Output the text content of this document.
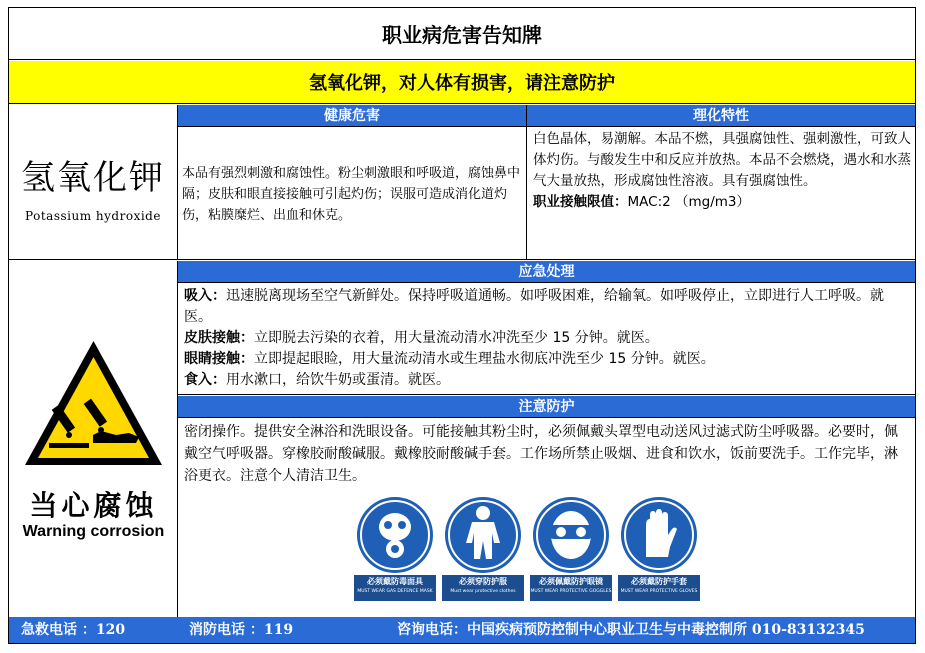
职业病危害告知牌
氢氧化钾，对人体有损害，请注意防护
氢氧化钾
Potassium hydroxide
健康危害
本品有强烈刺激和腐蚀性。粉尘刺激眼和呼吸道，腐蚀鼻中隔；皮肤和眼直接接触可引起灼伤；误服可造成消化道灼伤，粘膜糜烂、出血和休克。
理化特性
白色晶体，易潮解。本品不燃，具强腐蚀性、强刺激性，可致人体灼伤。与酸发生中和反应并放热。本品不会燃烧，遇水和水蒸气大量放热，形成腐蚀性溶液。具有强腐蚀性。
职业接触限值：MAC:2 （mg/m3）
当心腐蚀
Warning corrosion
应急处理
吸入：迅速脱离现场至空气新鲜处。保持呼吸道通畅。如呼吸困难，给输氧。如呼吸停止，立即进行人工呼吸。就医。
皮肤接触：立即脱去污染的衣着，用大量流动清水冲洗至少 15 分钟。就医。
眼睛接触：立即提起眼睑，用大量流动清水或生理盐水彻底冲洗至少 15 分钟。就医。
食入：用水漱口，给饮牛奶或蛋清。就医。
注意防护
密闭操作。提供安全淋浴和洗眼设备。可能接触其粉尘时，必须佩戴头罩型电动送风过滤式防尘呼吸器。必要时，佩戴空气呼吸器。穿橡胶耐酸碱服。戴橡胶耐酸碱手套。工作场所禁止吸烟、进食和饮水，饭前要洗手。工作完毕，淋浴更衣。注意个人清洁卫生。
必须戴防毒面具
MUST WEAR GAS DEFENCE MASK
必须穿防护服
Must wear protective clothes
必须佩戴防护眼镜
MUST WEAR PROTECTIVE GOGGLES
必须戴防护手套
MUST WEAR PROTECTIVE GLOVES
急救电话 ：120	消防电话 ：119	咨询电话：中国疾病预防控制中心职业卫生与中毒控制所 010-83132345
